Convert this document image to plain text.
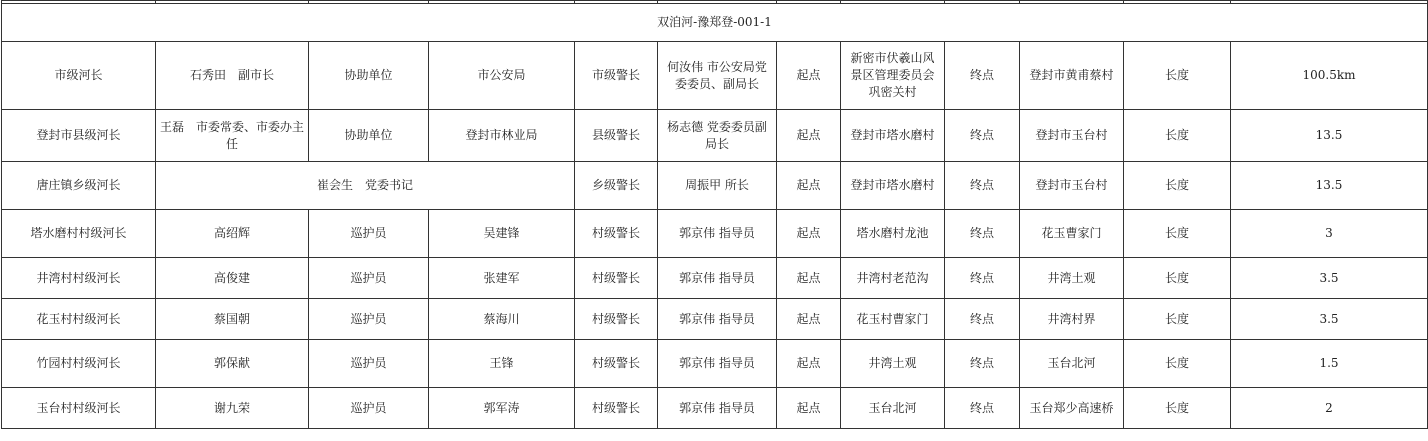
双洎河-豫郑登-001-1											
市级河长	石秀田　副市长	协助单位	市公安局	市级警长	何汝伟 市公安局党委委员、副局长	起点	新密市伏羲山风景区管理委员会巩密关村	终点	登封市黄甫蔡村	长度	100.5km
登封市县级河长	王磊　市委常委、市委办主任	协助单位	登封市林业局	县级警长	杨志德 党委委员副局长	起点	登封市塔水磨村	终点	登封市玉台村	长度	13.5
唐庄镇乡级河长	崔会生　党委书记			乡级警长	周振甲 所长	起点	登封市塔水磨村	终点	登封市玉台村	长度	13.5
塔水磨村村级河长	高绍辉	巡护员	吴建锋	村级警长	郭京伟 指导员	起点	塔水磨村龙池	终点	花玉曹家门	长度	3
井湾村村级河长	高俊建	巡护员	张建军	村级警长	郭京伟 指导员	起点	井湾村老范沟	终点	井湾土观	长度	3.5
花玉村村级河长	蔡国朝	巡护员	蔡海川	村级警长	郭京伟 指导员	起点	花玉村曹家门	终点	井湾村界	长度	3.5
竹园村村级河长	郭保献	巡护员	王锋	村级警长	郭京伟 指导员	起点	井湾土观	终点	玉台北河	长度	1.5
玉台村村级河长	谢九荣	巡护员	郭军涛	村级警长	郭京伟 指导员	起点	玉台北河	终点	玉台郑少高速桥	长度	2
